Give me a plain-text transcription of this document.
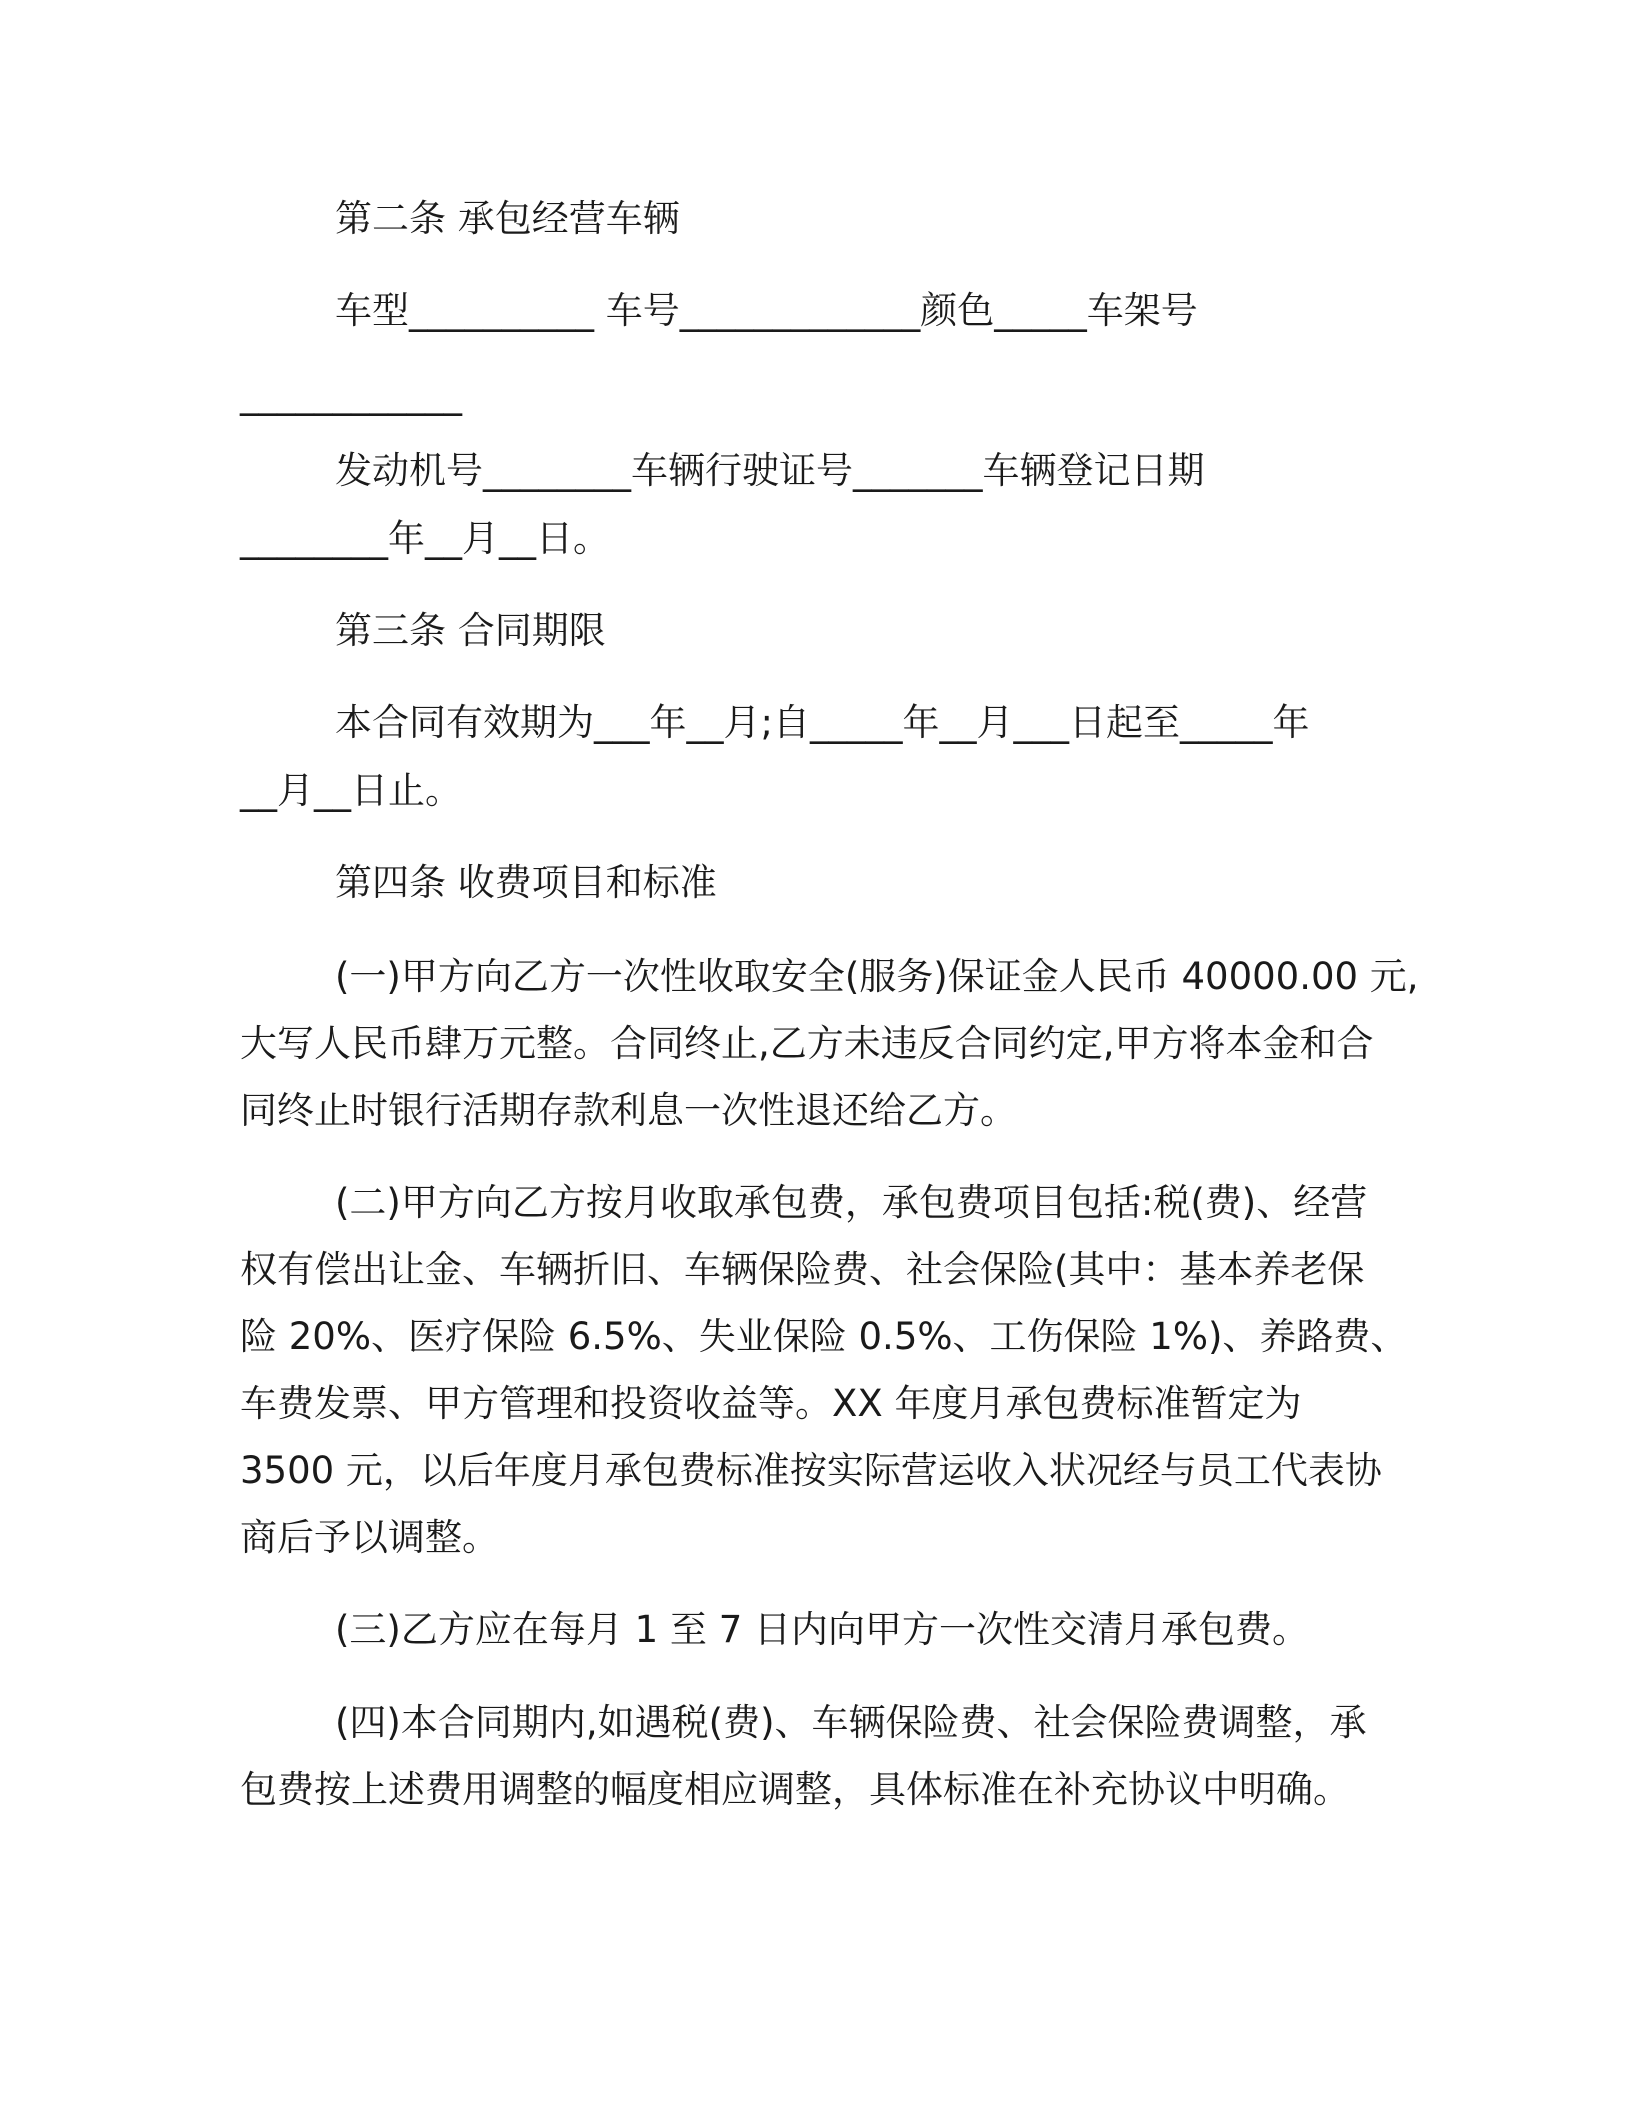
第二条 承包经营车辆
车型__________ 车号_____________颜色_____车架号
____________
发动机号________车辆行驶证号_______车辆登记日期
________年__月__日。
第三条 合同期限
本合同有效期为___年__月;自_____年__月___日起至_____年
__月__日止。
第四条 收费项目和标准
(一)甲方向乙方一次性收取安全(服务)保证金人民币 40000.00 元,
大写人民币肆万元整。合同终止,乙方未违反合同约定,甲方将本金和合
同终止时银行活期存款利息一次性退还给乙方。
(二)甲方向乙方按月收取承包费，承包费项目包括:税(费)、经营
权有偿出让金、车辆折旧、车辆保险费、社会保险(其中：基本养老保
险 20%、医疗保险 6.5%、失业保险 0.5%、工伤保险 1%)、养路费、
车费发票、甲方管理和投资收益等。XX 年度月承包费标准暂定为
3500 元，以后年度月承包费标准按实际营运收入状况经与员工代表协
商后予以调整。
(三)乙方应在每月 1 至 7 日内向甲方一次性交清月承包费。
(四)本合同期内,如遇税(费)、车辆保险费、社会保险费调整，承
包费按上述费用调整的幅度相应调整，具体标准在补充协议中明确。
